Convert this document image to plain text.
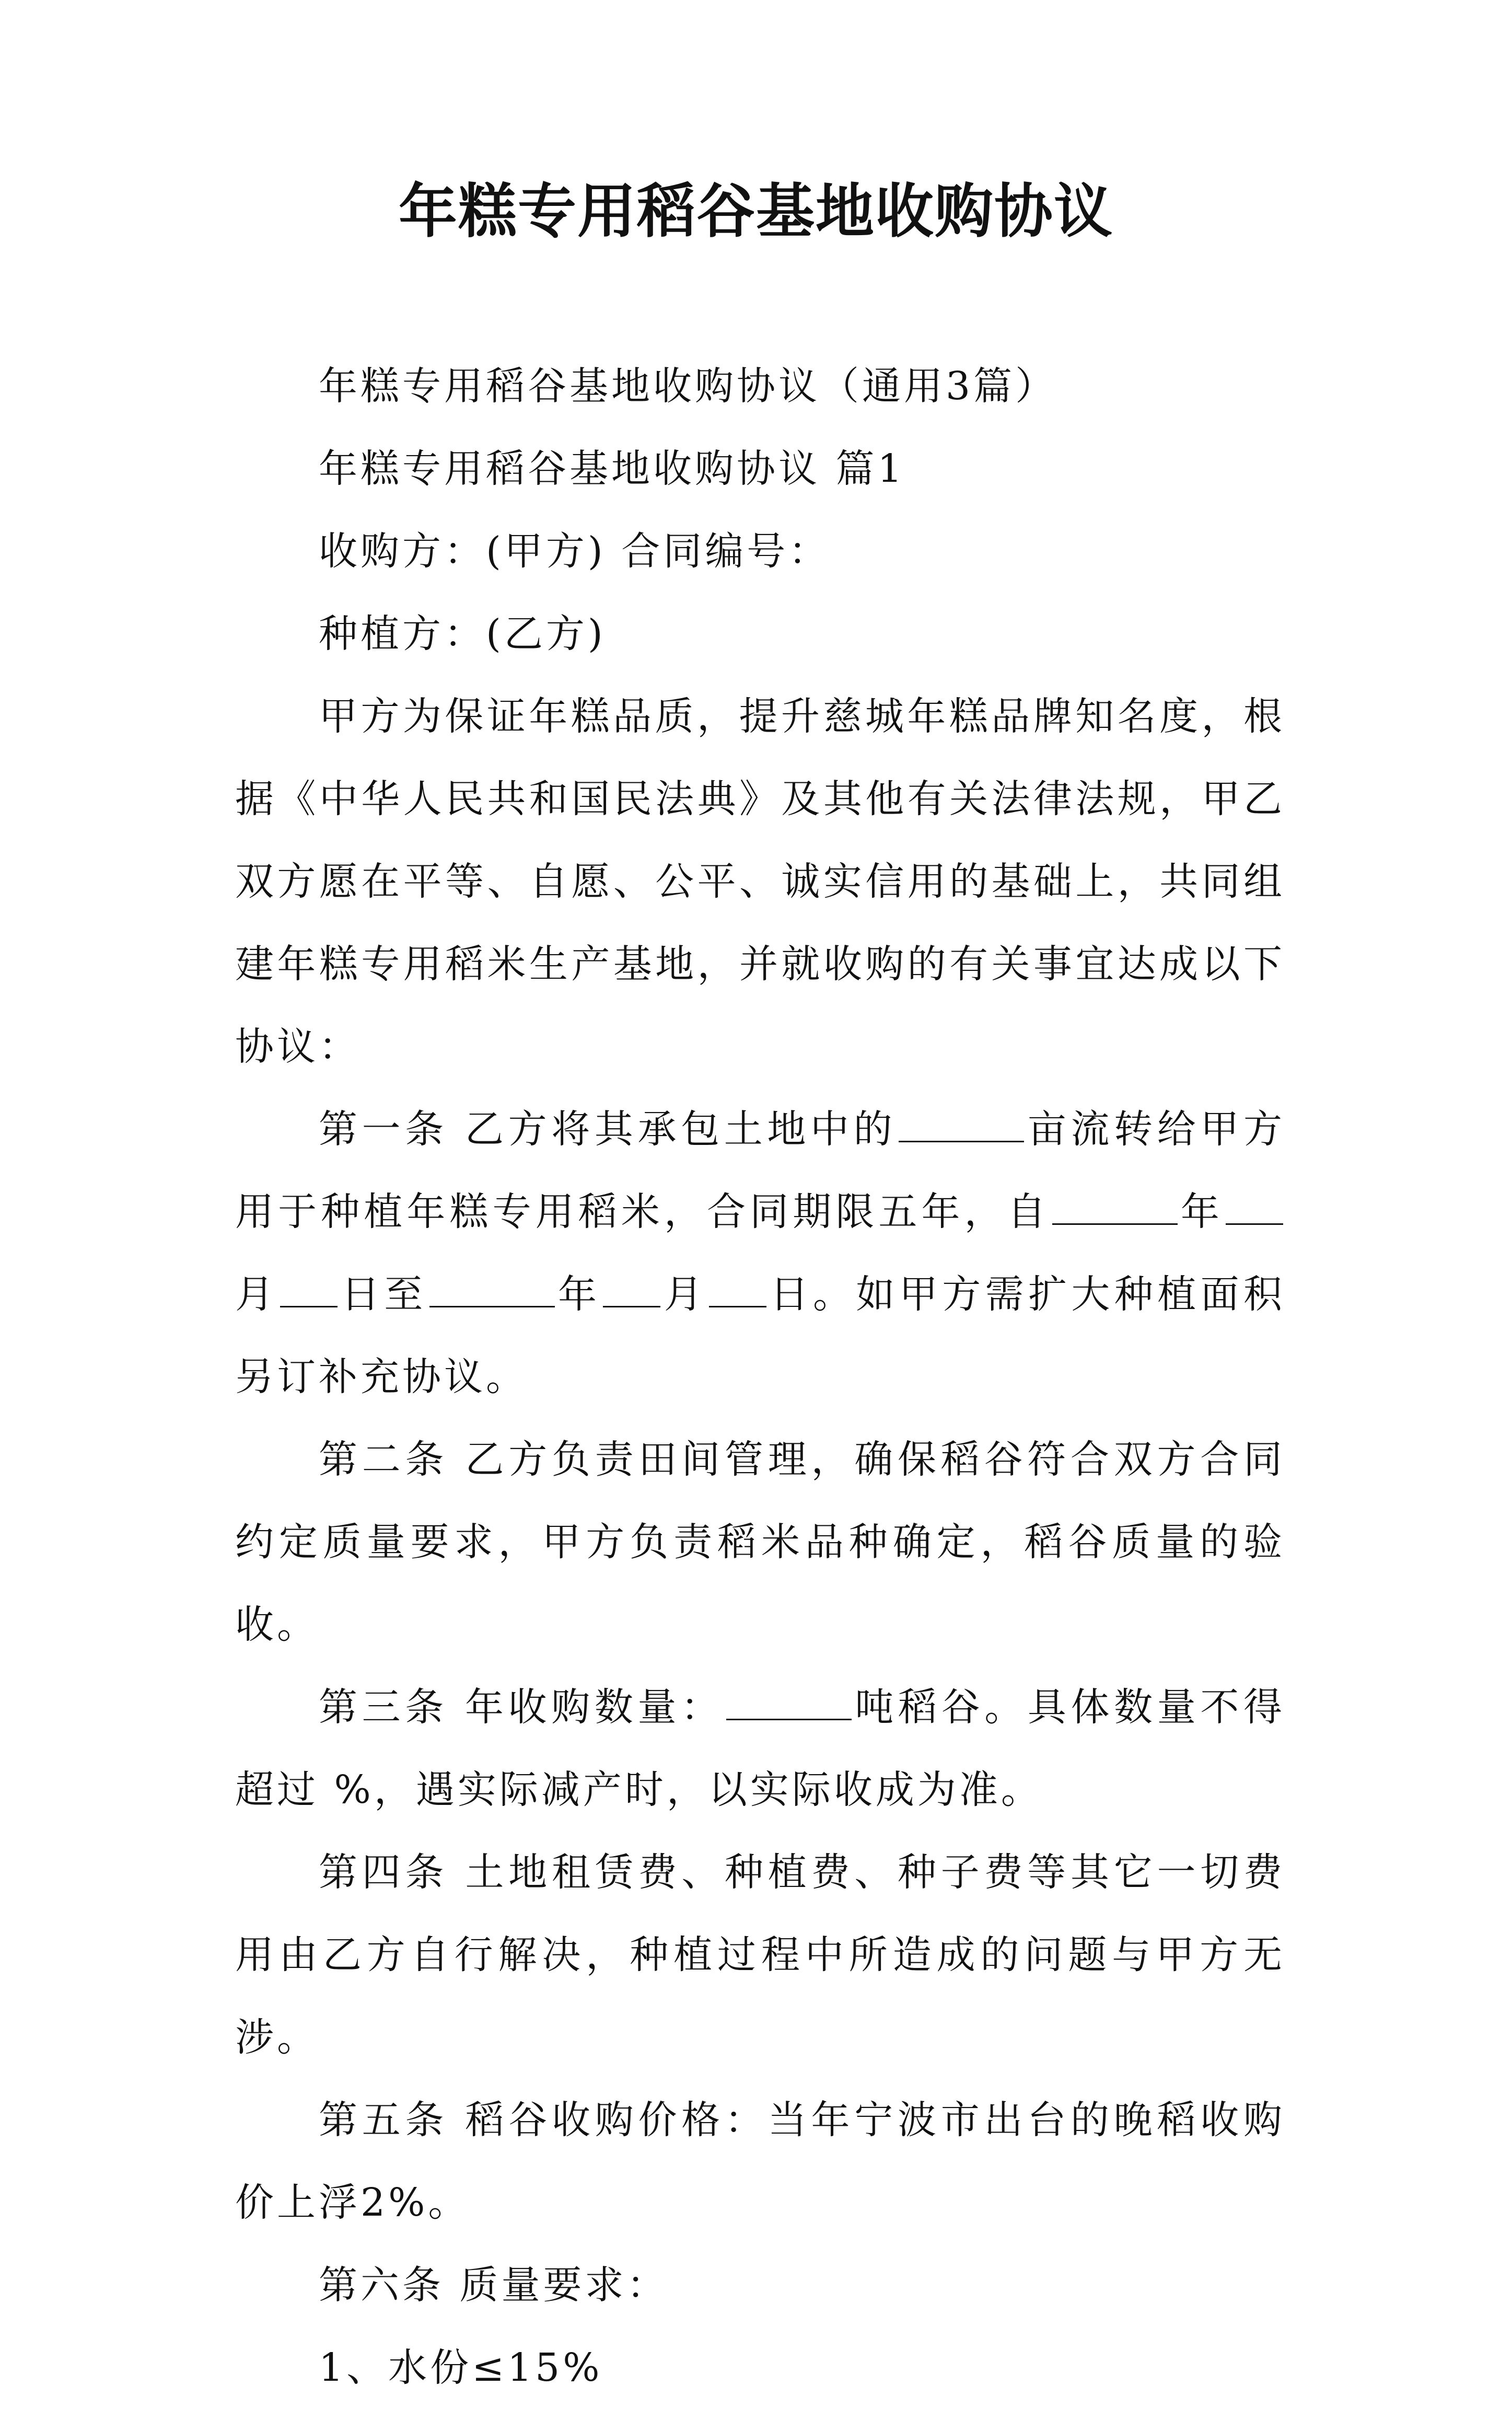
年糕专用稻谷基地收购协议

年糕专用稻谷基地收购协议（通用3篇）

年糕专用稻谷基地收购协议 篇1

收购方：(甲方) 合同编号：

种植方：(乙方)

甲方为保证年糕品质，提升慈城年糕品牌知名度，根据《中华人民共和国民法典》及其他有关法律法规，甲乙双方愿在平等、自愿、公平、诚实信用的基础上，共同组建年糕专用稻米生产基地，并就收购的有关事宜达成以下协议：

第一条 乙方将其承包土地中的	亩流转给甲方用于种植年糕专用稻米，合同期限五年，自	年月 日至	年 月 日。如甲方需扩大种植面积另订补充协议。

第二条 乙方负责田间管理，确保稻谷符合双方合同约定质量要求，甲方负责稻米品种确定，稻谷质量的验收。

第三条 年收购数量：	吨稻谷。具体数量不得超过 %，遇实际减产时，以实际收成为准。

第四条 土地租赁费、种植费、种子费等其它一切费用由乙方自行解决，种植过程中所造成的问题与甲方无涉。

第五条 稻谷收购价格：当年宁波市出台的晚稻收购价上浮2%。

第六条 质量要求：

1、水份≤15%
